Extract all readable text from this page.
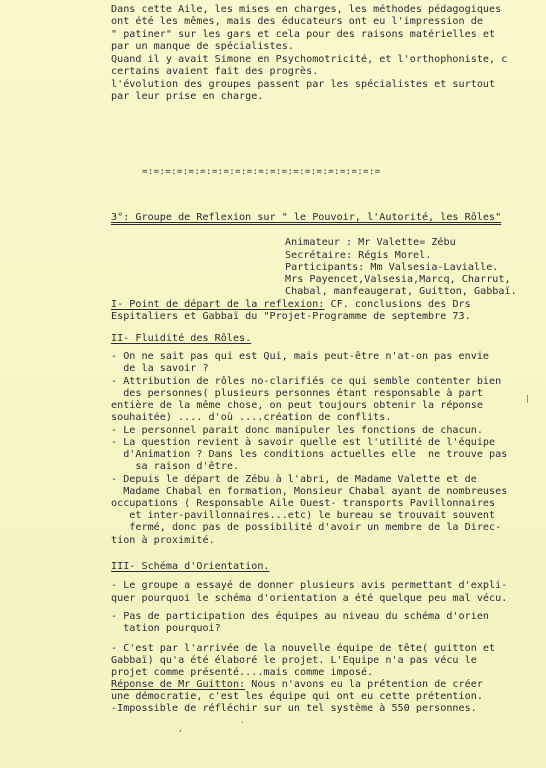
Dans cette Aile, les mises en charges, les méthodes pédagogiques
ont été les mêmes, mais des éducateurs ont eu l'impression de
" patiner" sur les gars et cela pour des raisons matérielles et
par un manque de spécialistes.
Quand il y avait Simone en Psychomotricité, et l'orthophoniste, c
certains avaient fait des progrès.
l'évolution des groupes passent par les spécialistes et surtout
par leur prise en charge.
=:=:=:=:=:=:=:=:=:=:=:=:=:=:=:=:=:=:=:=:=
3°: Groupe de Reflexion sur " le Pouvoir, l'Autorité, les Rôles"
Animateur : Mr Valette= Zébu
Secrétaire: Régis Morel.
Participants: Mm Valsesia-Lavialle.
Mrs Payencet,Valsesia,Marcq, Charrut,
Chabal, manfeaugerat, Guitton, Gabbaï.
I- Point de départ de la reflexion: CF. conclusions des Drs
Espitaliers et Gabbaï du "Projet-Programme de septembre 73.
II- Fluidité des Rôles.
- On ne sait pas qui est Qui, mais peut-être n'at-on pas envie
de la savoir ?
- Attribution de rôles no-clarifiés ce qui semble contenter bien
des personnes( plusieurs personnes étant responsable à part
entière de la même chose, on peut toujours obtenir la réponse
souhaitée) .... d'où ....création de conflits.
- Le personnel parait donc manipuler les fonctions de chacun.
- La question revient à savoir quelle est l'utilité de l'équipe
d'Animation ? Dans les conditions actuelles elle  ne trouve pas
sa raison d'être.
- Depuis le départ de Zébu à l'abri, de Madame Valette et de
Madame Chabal en formation, Monsieur Chabal ayant de nombreuses
occupations ( Responsable Aile Ouest- transports Pavillonnaires
et inter-pavillonnaires...etc) le bureau se trouvait souvent
fermé, donc pas de possibilité d'avoir un membre de la Direc-
tion à proximité.
III- Schéma d'Orientation.
- Le groupe a essayé de donner plusieurs avis permettant d'expli-
quer pourquoi le schéma d'orientation a été quelque peu mal vécu.
- Pas de participation des équipes au niveau du schéma d'orien
tation pourquoi?
- C'est par l'arrivée de la nouvelle équipe de tête( guitton et
Gabbaï) qu'a été élaboré le projet. L'Equipe n'a pas vécu le
projet comme présenté....mais comme imposé.
Réponse de Mr Guitton: Nous n'avons eu la prétention de créer
une démocratie, c'est les équipe qui ont eu cette prétention.
-Impossible de réfléchir sur un tel système à 550 personnes.
.
,
|
